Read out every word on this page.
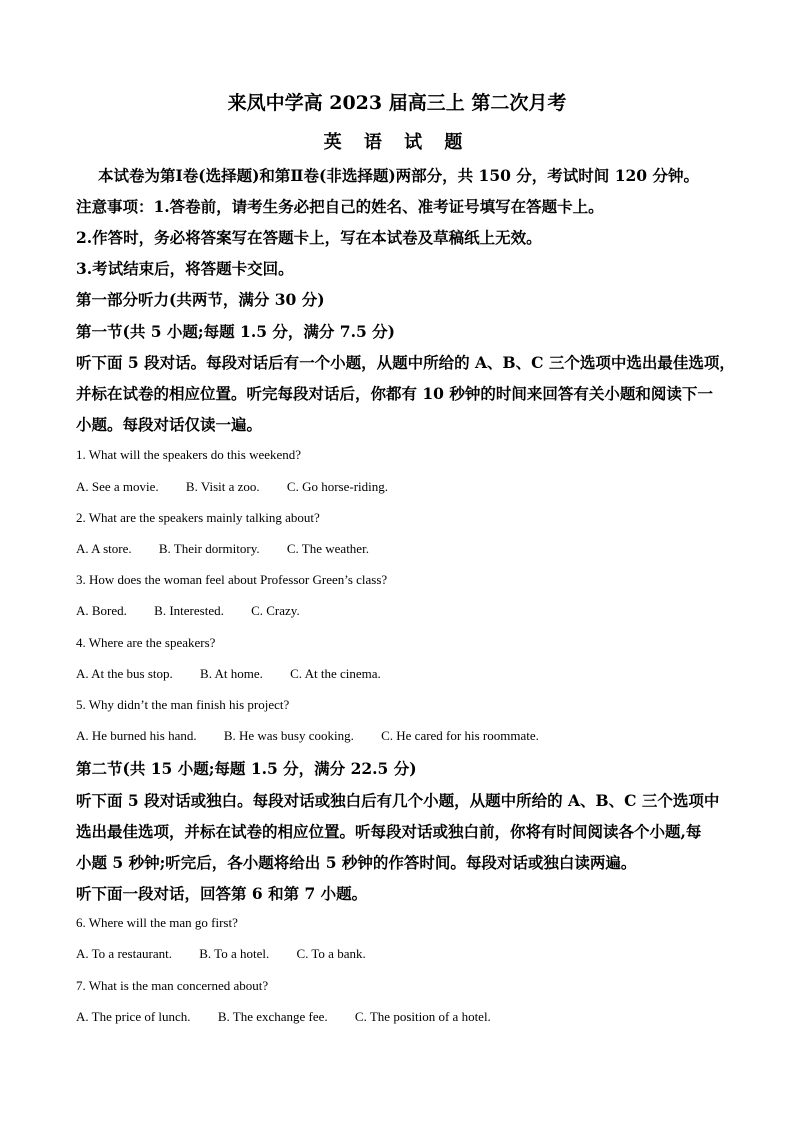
来凤中学高 2023 届高三上 第二次月考
英 语 试 题
本试卷为第Ⅰ卷(选择题)和第Ⅱ卷(非选择题)两部分，共 150 分，考试时间 120 分钟。
注意事项：1.答卷前，请考生务必把自己的姓名、准考证号填写在答题卡上。
2.作答时，务必将答案写在答题卡上，写在本试卷及草稿纸上无效。
3.考试结束后，将答题卡交回。
第一部分听力(共两节，满分 30 分)
第一节(共 5 小题;每题 1.5 分，满分 7.5 分)
听下面 5 段对话。每段对话后有一个小题，从题中所给的 A、B、C 三个选项中选出最佳选项，
并标在试卷的相应位置。听完每段对话后，你都有 10 秒钟的时间来回答有关小题和阅读下一
小题。每段对话仅读一遍。
1. What will the speakers do this weekend?
A. See a movie. B. Visit a zoo. C. Go horse-riding.
2. What are the speakers mainly talking about?
A. A store. B. Their dormitory. C. The weather.
3. How does the woman feel about Professor Green’s class?
A. Bored. B. Interested. C. Crazy.
4. Where are the speakers?
A. At the bus stop. B. At home. C. At the cinema.
5. Why didn’t the man finish his project?
A. He burned his hand. B. He was busy cooking. C. He cared for his roommate.
第二节(共 15 小题;每题 1.5 分，满分 22.5 分)
听下面 5 段对话或独白。每段对话或独白后有几个小题，从题中所给的 A、B、C 三个选项中
选出最佳选项，并标在试卷的相应位置。听每段对话或独白前，你将有时间阅读各个小题,每
小题 5 秒钟;听完后，各小题将给出 5 秒钟的作答时间。每段对话或独白读两遍。
听下面一段对话，回答第 6 和第 7 小题。
6. Where will the man go first?
A. To a restaurant. B. To a hotel. C. To a bank.
7. What is the man concerned about?
A. The price of lunch. B. The exchange fee. C. The position of a hotel.
